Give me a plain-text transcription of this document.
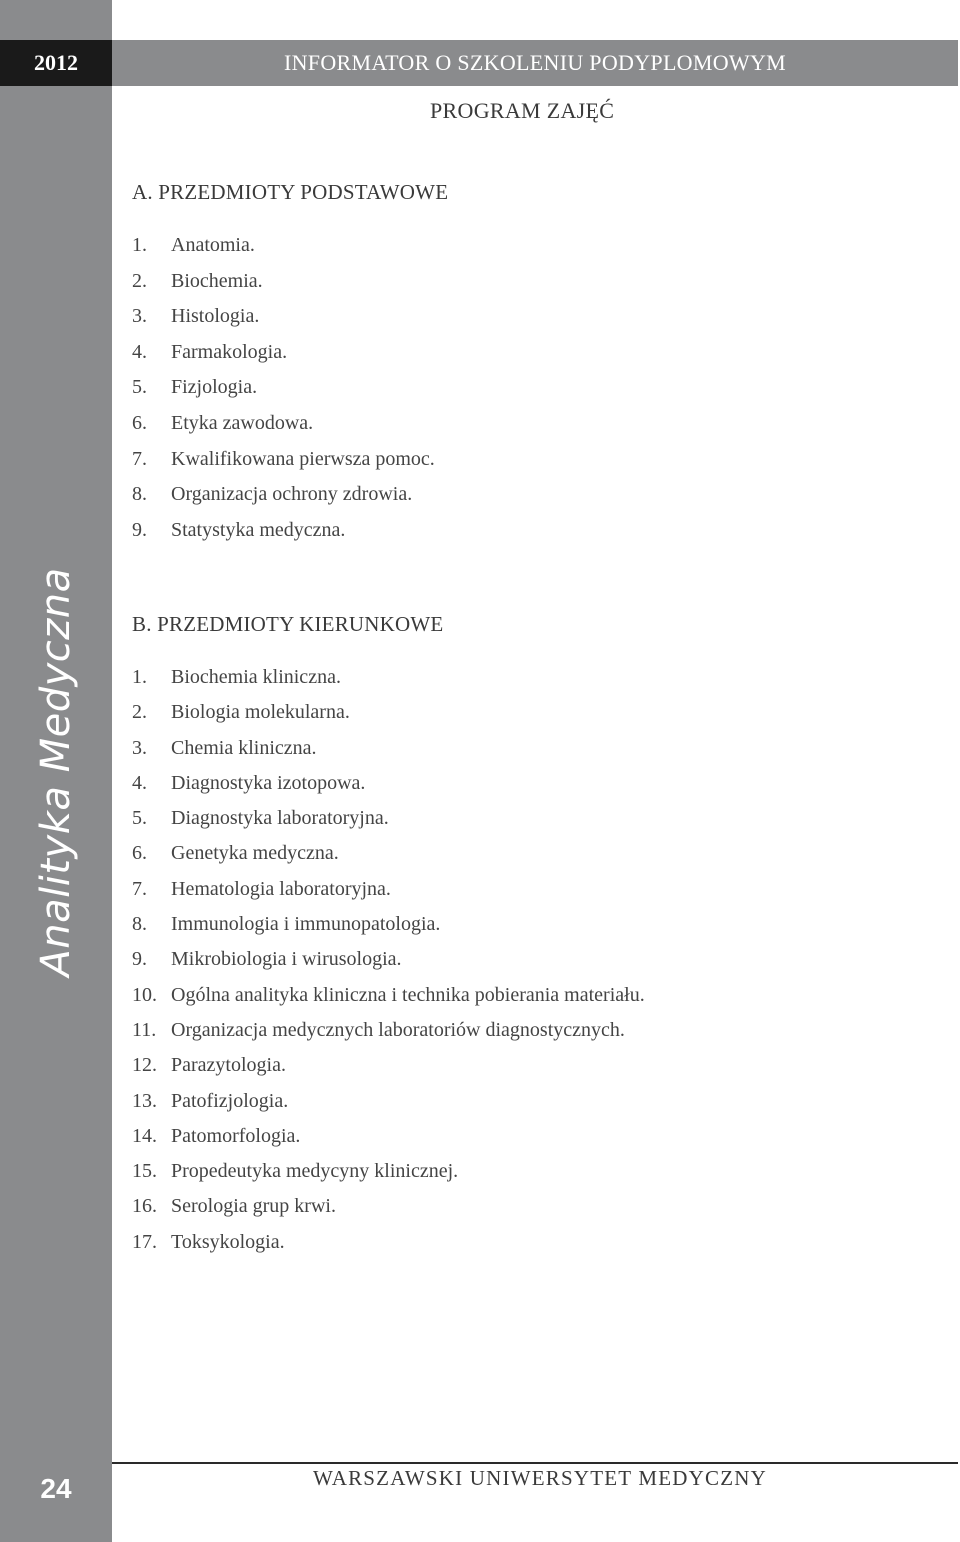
2012	INFORMATOR O SZKOLENIU PODYPLOMOWYM
Analityka Medyczna
24
PROGRAM ZAJĘĆ
A. PRZEDMIOTY PODSTAWOWE
1. Anatomia.
2. Biochemia.
3. Histologia.
4. Farmakologia.
5. Fizjologia.
6. Etyka zawodowa.
7. Kwalifikowana pierwsza pomoc.
8. Organizacja ochrony zdrowia.
9. Statystyka medyczna.
B. PRZEDMIOTY KIERUNKOWE
1. Biochemia kliniczna.
2. Biologia molekularna.
3. Chemia kliniczna.
4. Diagnostyka izotopowa.
5. Diagnostyka laboratoryjna.
6. Genetyka medyczna.
7. Hematologia laboratoryjna.
8. Immunologia i immunopatologia.
9. Mikrobiologia i wirusologia.
10. Ogólna analityka kliniczna i technika pobierania materiału.
11. Organizacja medycznych laboratoriów diagnostycznych.
12. Parazytologia.
13. Patofizjologia.
14. Patomorfologia.
15. Propedeutyka medycyny klinicznej.
16. Serologia grup krwi.
17. Toksykologia.
WARSZAWSKI UNIWERSYTET MEDYCZNY
